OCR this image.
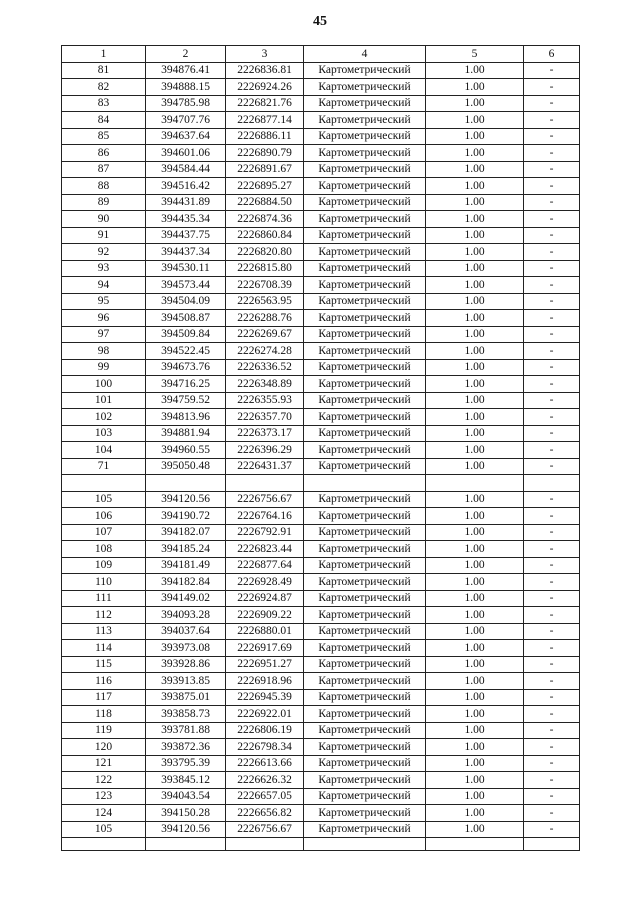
45
1	2	3	4	5	6
81	394876.41	2226836.81	Картометрический	1.00	-
82	394888.15	2226924.26	Картометрический	1.00	-
83	394785.98	2226821.76	Картометрический	1.00	-
84	394707.76	2226877.14	Картометрический	1.00	-
85	394637.64	2226886.11	Картометрический	1.00	-
86	394601.06	2226890.79	Картометрический	1.00	-
87	394584.44	2226891.67	Картометрический	1.00	-
88	394516.42	2226895.27	Картометрический	1.00	-
89	394431.89	2226884.50	Картометрический	1.00	-
90	394435.34	2226874.36	Картометрический	1.00	-
91	394437.75	2226860.84	Картометрический	1.00	-
92	394437.34	2226820.80	Картометрический	1.00	-
93	394530.11	2226815.80	Картометрический	1.00	-
94	394573.44	2226708.39	Картометрический	1.00	-
95	394504.09	2226563.95	Картометрический	1.00	-
96	394508.87	2226288.76	Картометрический	1.00	-
97	394509.84	2226269.67	Картометрический	1.00	-
98	394522.45	2226274.28	Картометрический	1.00	-
99	394673.76	2226336.52	Картометрический	1.00	-
100	394716.25	2226348.89	Картометрический	1.00	-
101	394759.52	2226355.93	Картометрический	1.00	-
102	394813.96	2226357.70	Картометрический	1.00	-
103	394881.94	2226373.17	Картометрический	1.00	-
104	394960.55	2226396.29	Картометрический	1.00	-
71	395050.48	2226431.37	Картометрический	1.00	-

105	394120.56	2226756.67	Картометрический	1.00	-
106	394190.72	2226764.16	Картометрический	1.00	-
107	394182.07	2226792.91	Картометрический	1.00	-
108	394185.24	2226823.44	Картометрический	1.00	-
109	394181.49	2226877.64	Картометрический	1.00	-
110	394182.84	2226928.49	Картометрический	1.00	-
111	394149.02	2226924.87	Картометрический	1.00	-
112	394093.28	2226909.22	Картометрический	1.00	-
113	394037.64	2226880.01	Картометрический	1.00	-
114	393973.08	2226917.69	Картометрический	1.00	-
115	393928.86	2226951.27	Картометрический	1.00	-
116	393913.85	2226918.96	Картометрический	1.00	-
117	393875.01	2226945.39	Картометрический	1.00	-
118	393858.73	2226922.01	Картометрический	1.00	-
119	393781.88	2226806.19	Картометрический	1.00	-
120	393872.36	2226798.34	Картометрический	1.00	-
121	393795.39	2226613.66	Картометрический	1.00	-
122	393845.12	2226626.32	Картометрический	1.00	-
123	394043.54	2226657.05	Картометрический	1.00	-
124	394150.28	2226656.82	Картометрический	1.00	-
105	394120.56	2226756.67	Картометрический	1.00	-
